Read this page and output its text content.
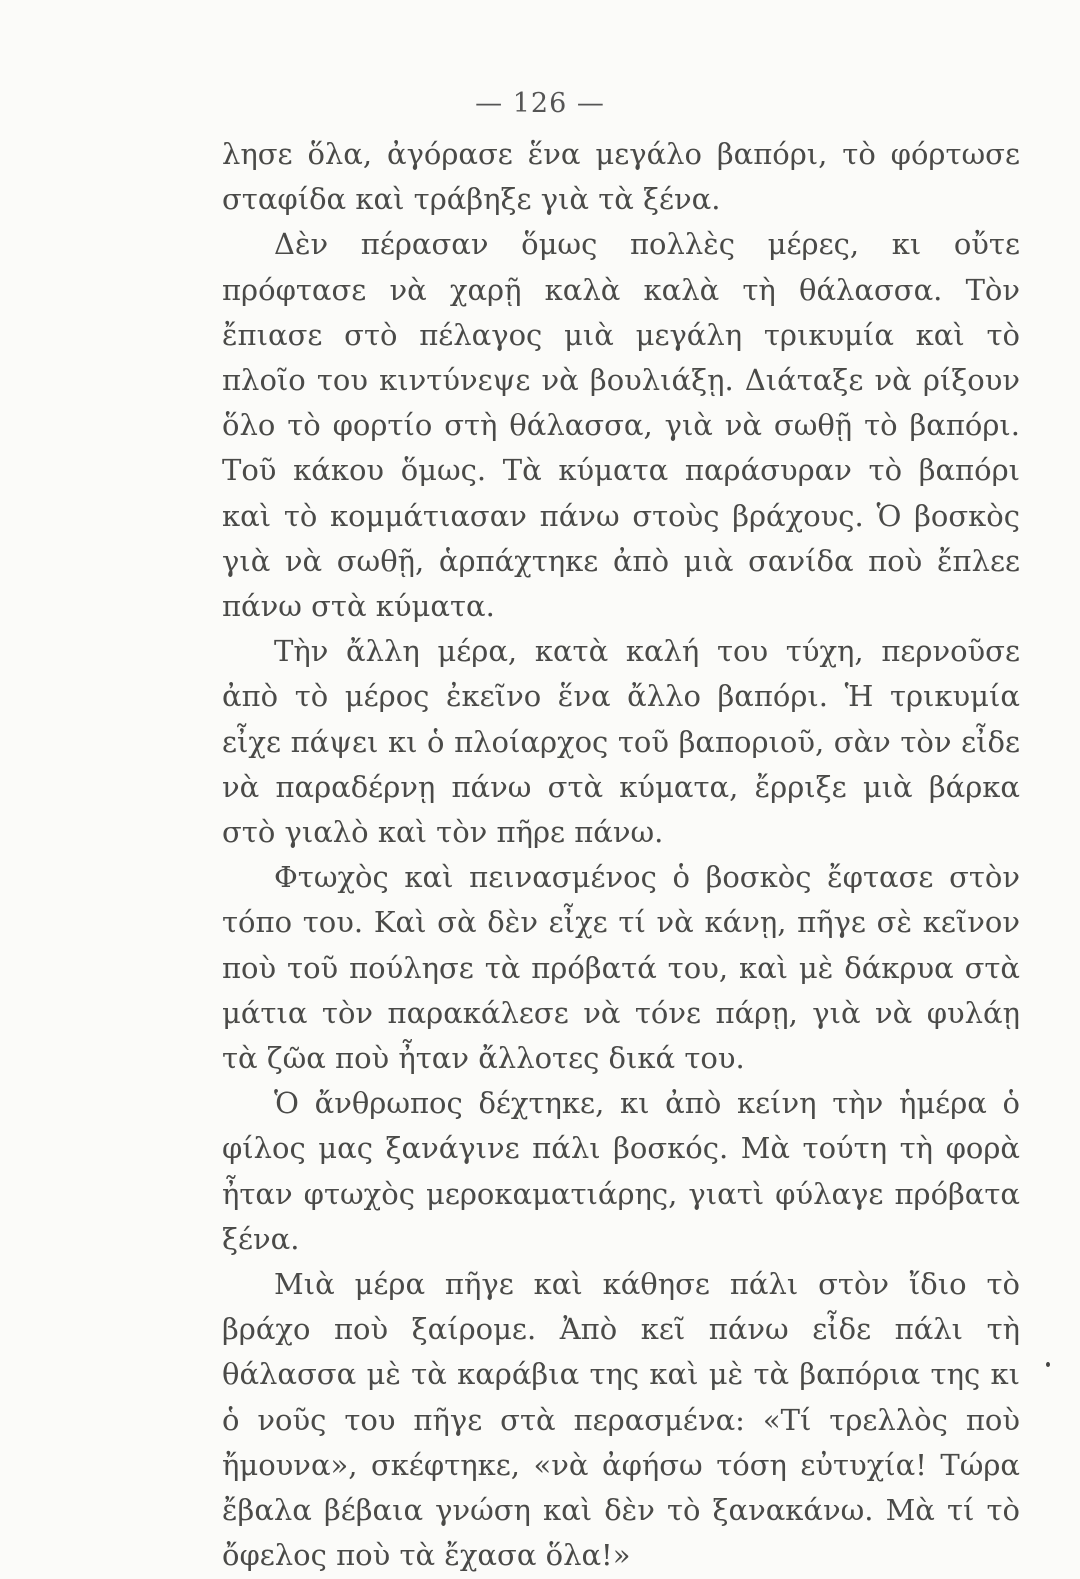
— 126 —

λησε ὅλα, ἀγόρασε ἕνα μεγάλο βαπόρι, τὸ φόρτωσε σταφίδα καὶ τράβηξε γιὰ τὰ ξένα.

Δὲν πέρασαν ὅμως πολλὲς μέρες, κι οὔτε πρόφτασε νὰ χαρῇ καλὰ καλὰ τὴ θάλασσα. Τὸν ἔπιασε στὸ πέλαγος μιὰ μεγάλη τρικυμία καὶ τὸ πλοῖο του κιντύνεψε νὰ βουλιάξῃ. Διάταξε νὰ ρίξουν ὅλο τὸ φορτίο στὴ θάλασσα, γιὰ νὰ σωθῇ τὸ βαπόρι. Τοῦ κάκου ὅμως. Τὰ κύματα παράσυραν τὸ βαπόρι καὶ τὸ κομμάτιασαν πάνω στοὺς βράχους. Ὁ βοσκὸς γιὰ νὰ σωθῇ, ἁρπάχτηκε ἀπὸ μιὰ σανίδα ποὺ ἔπλεε πάνω στὰ κύματα.

Τὴν ἄλλη μέρα, κατὰ καλή του τύχη, περνοῦσε ἀπὸ τὸ μέρος ἐκεῖνο ἕνα ἄλλο βαπόρι. Ἡ τρικυμία εἶχε πάψει κι ὁ πλοίαρχος τοῦ βαποριοῦ, σὰν τὸν εἶδε νὰ παραδέρνῃ πάνω στὰ κύματα, ἔρριξε μιὰ βάρκα στὸ γιαλὸ καὶ τὸν πῆρε πάνω.

Φτωχὸς καὶ πεινασμένος ὁ βοσκὸς ἔφτασε στὸν τόπο του. Καὶ σὰ δὲν εἶχε τί νὰ κάνῃ, πῆγε σὲ κεῖνον ποὺ τοῦ πούλησε τὰ πρόβατά του, καὶ μὲ δάκρυα στὰ μάτια τὸν παρακάλεσε νὰ τόνε πάρῃ, γιὰ νὰ φυλάῃ τὰ ζῶα ποὺ ἦταν ἄλλοτες δικά του.

Ὁ ἄνθρωπος δέχτηκε, κι ἀπὸ κείνη τὴν ἡμέρα ὁ φίλος μας ξανάγινε πάλι βοσκός. Μὰ τούτη τὴ φορὰ ἦταν φτωχὸς μεροκαματιάρης, γιατὶ φύλαγε πρόβατα ξένα.

Μιὰ μέρα πῆγε καὶ κάθησε πάλι στὸν ἴδιο τὸ βράχο ποὺ ξαίρομε. Ἀπὸ κεῖ πάνω εἶδε πάλι τὴ θάλασσα μὲ τὰ καράβια της καὶ μὲ τὰ βαπόρια της κι ὁ νοῦς του πῆγε στὰ περασμένα: «Τί τρελλὸς ποὺ ἤμουνα», σκέφτηκε, «νὰ ἀφήσω τόση εὐτυχία! Τώρα ἔβαλα βέβαια γνώση καὶ δὲν τὸ ξανακάνω. Μὰ τί τὸ ὄφελος ποὺ τὰ ἔχασα ὅλα!»
